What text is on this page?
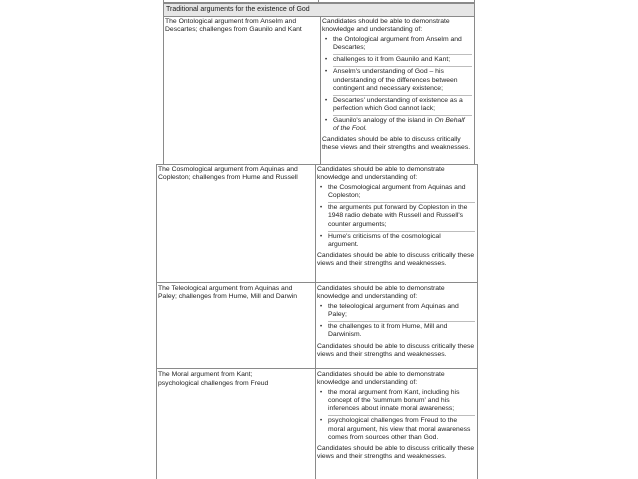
Traditional arguments for the existence of God

The Ontological argument from Anselm and Descartes; challenges from Gaunilo and Kant

Candidates should be able to demonstrate knowledge and understanding of:

• the Ontological argument from Anselm and Descartes;
• challenges to it from Gaunilo and Kant;
• Anselm's understanding of God – his understanding of the differences between contingent and necessary existence;
• Descartes' understanding of existence as a perfection which God cannot lack;
• Gaunilo's analogy of the island in On Behalf of the Fool.

Candidates should be able to discuss critically these views and their strengths and weaknesses.

The Cosmological argument from Aquinas and Copleston; challenges from Hume and Russell

Candidates should be able to demonstrate knowledge and understanding of:

• the Cosmological argument from Aquinas and Copleston;
• the arguments put forward by Copleston in the 1948 radio debate with Russell and Russell's counter arguments;
• Hume's criticisms of the cosmological argument.

Candidates should be able to discuss critically these views and their strengths and weaknesses.

The Teleological argument from Aquinas and Paley; challenges from Hume, Mill and Darwin

Candidates should be able to demonstrate knowledge and understanding of:

• the teleological argument from Aquinas and Paley;
• the challenges to it from Hume, Mill and Darwinism.

Candidates should be able to discuss critically these views and their strengths and weaknesses.

The Moral argument from Kant;

psychological challenges from Freud

Candidates should be able to demonstrate knowledge and understanding of:

• the moral argument from Kant, including his concept of the 'summum bonum' and his inferences about innate moral awareness;
• psychological challenges from Freud to the moral argument, his view that moral awareness comes from sources other than God.

Candidates should be able to discuss critically these views and their strengths and weaknesses.
